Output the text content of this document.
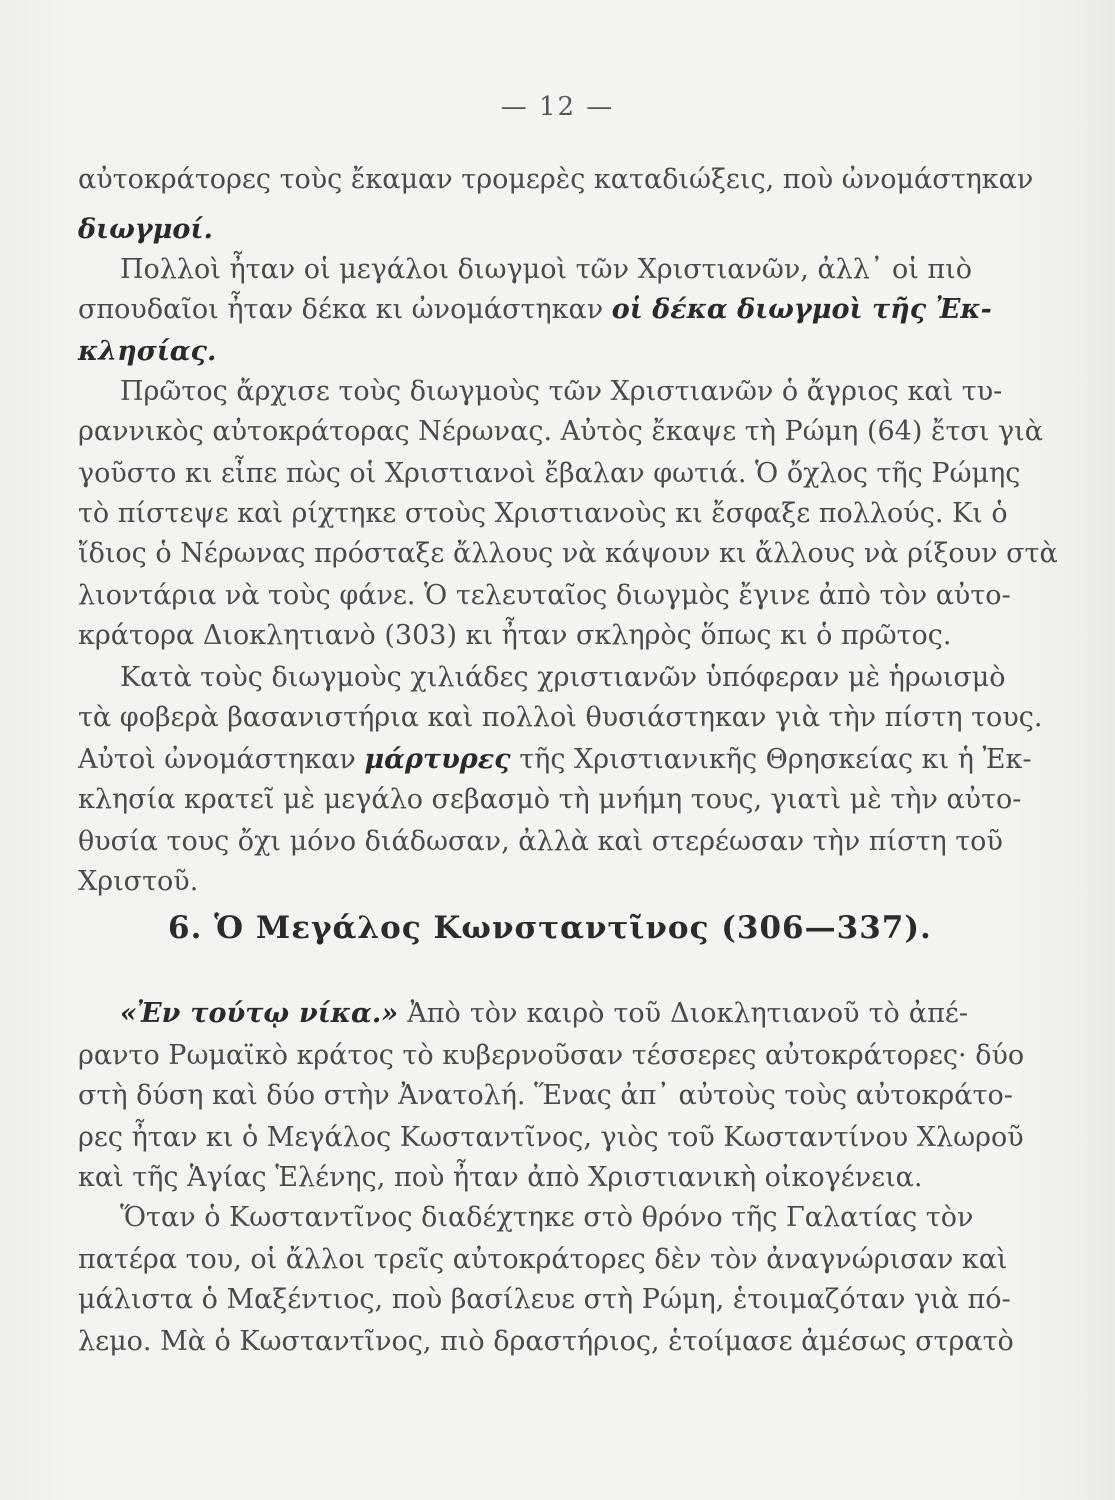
— 12 —
αὐτοκράτορες τοὺς ἔκαμαν τρομερὲς καταδιώξεις, ποὺ ὠνομάστηκαν
διωγμοί.
Πολλοὶ ἦταν οἱ μεγάλοι διωγμοὶ τῶν Χριστιανῶν, ἀλλ᾽ οἱ πιὸ
σπουδαῖοι ἦταν δέκα κι ὠνομάστηκαν οἱ δέκα διωγμοὶ τῆς Ἐκ-
κλησίας.
Πρῶτος ἄρχισε τοὺς διωγμοὺς τῶν Χριστιανῶν ὁ ἄγριος καὶ τυ-
ραννικὸς αὐτοκράτορας Νέρωνας. Αὐτὸς ἔκαψε τὴ Ρώμη (64) ἔτσι γιὰ
γοῦστο κι εἶπε πὼς οἱ Χριστιανοὶ ἔβαλαν φωτιά. Ὁ ὄχλος τῆς Ρώμης
τὸ πίστεψε καὶ ρίχτηκε στοὺς Χριστιανοὺς κι ἔσφαξε πολλούς. Κι ὁ
ἴδιος ὁ Νέρωνας πρόσταξε ἄλλους νὰ κάψουν κι ἄλλους νὰ ρίξουν στὰ
λιοντάρια νὰ τοὺς φάνε. Ὁ τελευταῖος διωγμὸς ἔγινε ἀπὸ τὸν αὐτο-
κράτορα Διοκλητιανὸ (303) κι ἦταν σκληρὸς ὅπως κι ὁ πρῶτος.
Κατὰ τοὺς διωγμοὺς χιλιάδες χριστιανῶν ὑπόφεραν μὲ ἡρωισμὸ
τὰ φοβερὰ βασανιστήρια καὶ πολλοὶ θυσιάστηκαν γιὰ τὴν πίστη τους.
Αὐτοὶ ὠνομάστηκαν μάρτυρες τῆς Χριστιανικῆς Θρησκείας κι ἡ Ἐκ-
κλησία κρατεῖ μὲ μεγάλο σεβασμὸ τὴ μνήμη τους, γιατὶ μὲ τὴν αὐτο-
θυσία τους ὄχι μόνο διάδωσαν, ἀλλὰ καὶ στερέωσαν τὴν πίστη τοῦ
Χριστοῦ.
6. Ὁ Μεγάλος Κωνσταντῖνος (306—337).
«Ἐν τούτῳ νίκα.» Ἀπὸ τὸν καιρὸ τοῦ Διοκλητιανοῦ τὸ ἀπέ-
ραντο Ρωμαϊκὸ κράτος τὸ κυβερνοῦσαν τέσσερες αὐτοκράτορες· δύο
στὴ δύση καὶ δύο στὴν Ἀνατολή. Ἕνας ἀπ᾽ αὐτοὺς τοὺς αὐτοκράτο-
ρες ἦταν κι ὁ Μεγάλος Κωσταντῖνος, γιὸς τοῦ Κωσταντίνου Χλωροῦ
καὶ τῆς Ἁγίας Ἑλένης, ποὺ ἦταν ἀπὸ Χριστιανικὴ οἰκογένεια.
Ὅταν ὁ Κωσταντῖνος διαδέχτηκε στὸ θρόνο τῆς Γαλατίας τὸν
πατέρα του, οἱ ἄλλοι τρεῖς αὐτοκράτορες δὲν τὸν ἀναγνώρισαν καὶ
μάλιστα ὁ Μαξέντιος, ποὺ βασίλευε στὴ Ρώμη, ἑτοιμαζόταν γιὰ πό-
λεμο. Μὰ ὁ Κωσταντῖνος, πιὸ δραστήριος, ἑτοίμασε ἀμέσως στρατὸ
